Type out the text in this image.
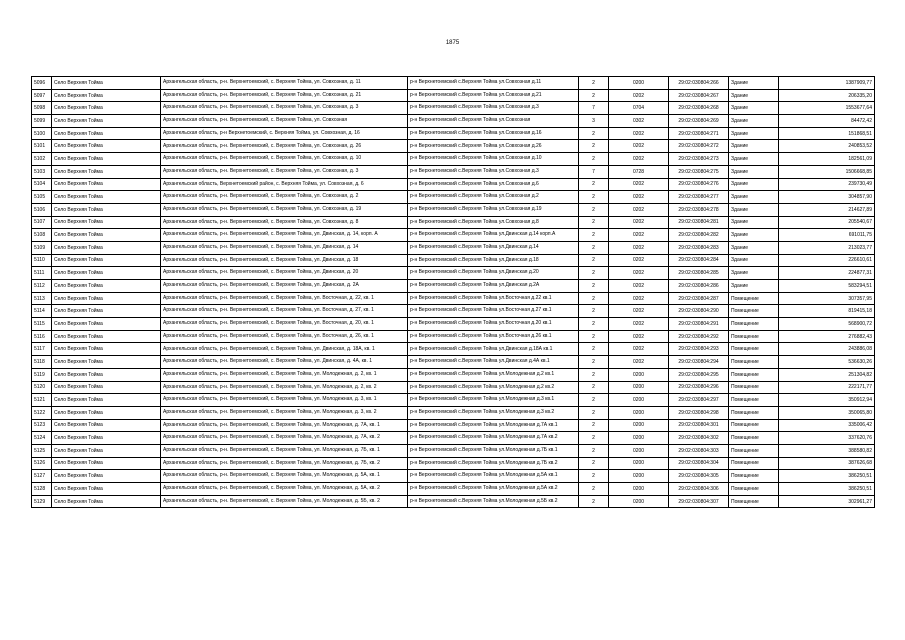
1875
5096	Село Верхняя Тойма	Архангельская область, р-н. Верхнетоемский, с. Верхняя Тойма, ул. Совхозная, д. 11	р-н Верхнетоемский с.Верхняя Тойма ул.Совхозная д.11	2	0200	29:02:030804:266	Здание	1387909,77
5097	Село Верхняя Тойма	Архангельская область, р-н. Верхнетоемский, с. Верхняя Тойма, ул. Совхозная, д. 21	р-н Верхнетоемский с.Верхняя Тойма ул.Совхозная д.21	2	0202	29:02:030804:267	Здание	206335,20
5098	Село Верхняя Тойма	Архангельская область, р-н. Верхнетоемский, с. Верхняя Тойма, ул. Совхозная, д. 3	р-н Верхнетоемский с.Верхняя Тойма ул.Совхозная д.3	7	0704	29:02:030804:268	Здание	1553677,64
5099	Село Верхняя Тойма	Архангельская область, р-н. Верхнетоемский, с. Верхняя Тойма, ул. Совхозная	р-н Верхнетоемский с.Верхняя Тойма ул.Совхозная	3	0302	29:02:030804:269	Здание	84472,42
5100	Село Верхняя Тойма	Архангельская область, р-н Верхнетоемский, с. Верхняя Тойма, ул. Совхозная, д. 16	р-н Верхнетоемский с.Верхняя Тойма ул.Совхозная д.16	2	0202	29:02:030804:271	Здание	151868,51
5101	Село Верхняя Тойма	Архангельская область, р-н. Верхнетоемский, с. Верхняя Тойма, ул. Совхозная, д. 26	р-н Верхнетоемский с.Верхняя Тойма ул.Совхозная д.26	2	0202	29:02:030804:272	Здание	240853,52
5102	Село Верхняя Тойма	Архангельская область, р-н. Верхнетоемский, с. Верхняя Тойма, ул. Совхозная, д. 10	р-н Верхнетоемский с.Верхняя Тойма ул.Совхозная д.10	2	0202	29:02:030804:273	Здание	182561,09
5103	Село Верхняя Тойма	Архангельская область, р-н. Верхнетоемский, с. Верхняя Тойма, ул. Совхозная, д. 3	р-н Верхнетоемский с.Верхняя Тойма ул.Совхозная д.3	7	0728	29:02:030804:275	Здание	1506668,85
5104	Село Верхняя Тойма	Архангельская область, Верхнетоемский район, с. Верхняя Тойма, ул. Совхозная, д. 6	р-н Верхнетоемский с.Верхняя Тойма ул.Совхозная д.6	2	0202	29:02:030804:276	Здание	239730,49
5105	Село Верхняя Тойма	Архангельская область, р-н. Верхнетоемский, с. Верхняя Тойма, ул. Совхозная, д. 2	р-н Верхнетоемский с.Верхняя Тойма ул.Совхозная д.2	2	0202	29:02:030804:277	Здание	304857,90
5106	Село Верхняя Тойма	Архангельская область, р-н. Верхнетоемский, с. Верхняя Тойма, ул. Совхозная, д. 19	р-н Верхнетоемский с.Верхняя Тойма ул.Совхозная д.19	2	0202	29:02:030804:278	Здание	214627,89
5107	Село Верхняя Тойма	Архангельская область, р-н. Верхнетоемский, с. Верхняя Тойма, ул. Совхозная, д. 8	р-н Верхнетоемский с.Верхняя Тойма ул.Совхозная д.8	2	0202	29:02:030804:281	Здание	205540,67
5108	Село Верхняя Тойма	Архангельская область, р-н. Верхнетоемский, с. Верхняя Тойма, ул. Двинская, д. 14, корп. А	р-н Верхнетоемский с.Верхняя Тойма ул.Двинская д.14 корп.А	2	0202	29:02:030804:282	Здание	691011,75
5109	Село Верхняя Тойма	Архангельская область, р-н. Верхнетоемский, с. Верхняя Тойма, ул. Двинская, д. 14	р-н Верхнетоемский с.Верхняя Тойма ул.Двинская д.14	2	0202	29:02:030804:283	Здание	213023,77
5110	Село Верхняя Тойма	Архангельская область, р-н. Верхнетоемский, с. Верхняя Тойма, ул. Двинская, д. 18	р-н Верхнетоемский с.Верхняя Тойма ул.Двинская д.18	2	0202	29:02:030804:284	Здание	226610,61
5111	Село Верхняя Тойма	Архангельская область, р-н. Верхнетоемский, с. Верхняя Тойма, ул. Двинская, д. 20	р-н Верхнетоемский с.Верхняя Тойма ул.Двинская д.20	2	0202	29:02:030804:285	Здание	224877,31
5112	Село Верхняя Тойма	Архангельская область, р-н. Верхнетоемский, с. Верхняя Тойма, ул. Двинская, д. 2А	р-н Верхнетоемский с.Верхняя Тойма ул.Двинская д.2А	2	0202	29:02:030804:286	Здание	583294,51
5113	Село Верхняя Тойма	Архангельская область, р-н. Верхнетоемский, с. Верхняя Тойма, ул. Восточная, д. 22, кв. 1	р-н Верхнетоемский с.Верхняя Тойма ул.Восточная д.22 кв.1	2	0202	29:02:030804:287	Помещение	307357,95
5114	Село Верхняя Тойма	Архангельская область, р-н. Верхнетоемский, с. Верхняя Тойма, ул. Восточная, д. 27, кв. 1	р-н Верхнетоемский с.Верхняя Тойма ул.Восточная д.27 кв.1	2	0202	29:02:030804:290	Помещение	819415,18
5115	Село Верхняя Тойма	Архангельская область, р-н. Верхнетоемский, с. Верхняя Тойма, ул. Восточная, д. 20, кв. 1	р-н Верхнетоемский с.Верхняя Тойма ул.Восточная д.20 кв.1	2	0202	29:02:030804:291	Помещение	568900,72
5116	Село Верхняя Тойма	Архангельская область, р-н. Верхнетоемский, с. Верхняя Тойма, ул. Восточная, д. 26, кв. 1	р-н Верхнетоемский с.Верхняя Тойма ул.Восточная д.26 кв.1	2	0202	29:02:030804:292	Помещение	276882,43
5117	Село Верхняя Тойма	Архангельская область, р-н. Верхнетоемский, с. Верхняя Тойма, ул. Двинская, д. 18А, кв. 1	р-н Верхнетоемский с.Верхняя Тойма ул.Двинская д.18А кв.1	2	0202	29:02:030804:293	Помещение	243886,08
5118	Село Верхняя Тойма	Архангельская область, р-н. Верхнетоемский, с. Верхняя Тойма, ул. Двинская, д. 4А, кв. 1	р-н Верхнетоемский с.Верхняя Тойма ул.Двинская д.4А кв.1	2	0202	29:02:030804:294	Помещение	536630,26
5119	Село Верхняя Тойма	Архангельская область, р-н. Верхнетоемский, с. Верхняя Тойма, ул. Молодежная, д. 2, кв. 1	р-н Верхнетоемский с.Верхняя Тойма ул.Молодежная д.2 кв.1	2	0200	29:02:030804:295	Помещение	251304,82
5120	Село Верхняя Тойма	Архангельская область, р-н. Верхнетоемский, с. Верхняя Тойма, ул. Молодежная, д. 2, кв. 2	р-н Верхнетоемский с.Верхняя Тойма ул.Молодежная д.2 кв.2	2	0200	29:02:030804:296	Помещение	222171,77
5121	Село Верхняя Тойма	Архангельская область, р-н. Верхнетоемский, с. Верхняя Тойма, ул. Молодежная, д. 3, кв. 1	р-н Верхнетоемский с.Верхняя Тойма ул.Молодежная д.3 кв.1	2	0200	29:02:030804:297	Помещение	350912,94
5122	Село Верхняя Тойма	Архангельская область, р-н. Верхнетоемский, с. Верхняя Тойма, ул. Молодежная, д. 3, кв. 2	р-н Верхнетоемский с.Верхняя Тойма ул.Молодежная д.3 кв.2	2	0200	29:02:030804:298	Помещение	350065,80
5123	Село Верхняя Тойма	Архангельская область, р-н. Верхнетоемский, с. Верхняя Тойма, ул. Молодежная, д. 7А, кв. 1	р-н Верхнетоемский с.Верхняя Тойма ул.Молодежная д.7А кв.1	2	0200	29:02:030804:301	Помещение	335006,42
5124	Село Верхняя Тойма	Архангельская область, р-н. Верхнетоемский, с. Верхняя Тойма, ул. Молодежная, д. 7А, кв. 2	р-н Верхнетоемский с.Верхняя Тойма ул.Молодежная д.7А кв.2	2	0200	29:02:030804:302	Помещение	337620,76
5125	Село Верхняя Тойма	Архангельская область, р-н. Верхнетоемский, с. Верхняя Тойма, ул. Молодежная, д. 7Б, кв. 1	р-н Верхнетоемский с.Верхняя Тойма ул.Молодежная д.7Б кв.1	2	0200	29:02:030804:303	Помещение	388580,82
5126	Село Верхняя Тойма	Архангельская область, р-н. Верхнетоемский, с. Верхняя Тойма, ул. Молодежная, д. 7Б, кв. 2	р-н Верхнетоемский с.Верхняя Тойма ул.Молодежная д.7Б кв.2	2	0200	29:02:030804:304	Помещение	387626,68
5127	Село Верхняя Тойма	Архангельская область, р-н. Верхнетоемский, с. Верхняя Тойма, ул. Молодежная, д. 5А, кв. 1	р-н Верхнетоемский с.Верхняя Тойма ул.Молодежная д.5А кв.1	2	0200	29:02:030804:305	Помещение	386250,51
5128	Село Верхняя Тойма	Архангельская область, р-н. Верхнетоемский, с. Верхняя Тойма, ул. Молодежная, д. 5А, кв. 2	р-н Верхнетоемский с.Верхняя Тойма ул.Молодежная д.5А кв.2	2	0200	29:02:030804:306	Помещение	386250,51
5129	Село Верхняя Тойма	Архангельская область, р-н. Верхнетоемский, с. Верхняя Тойма, ул. Молодежная, д. 5Б, кв. 2	р-н Верхнетоемский с.Верхняя Тойма ул.Молодежная д.5Б кв.2	2	0200	29:02:030804:307	Помещение	302961,27
